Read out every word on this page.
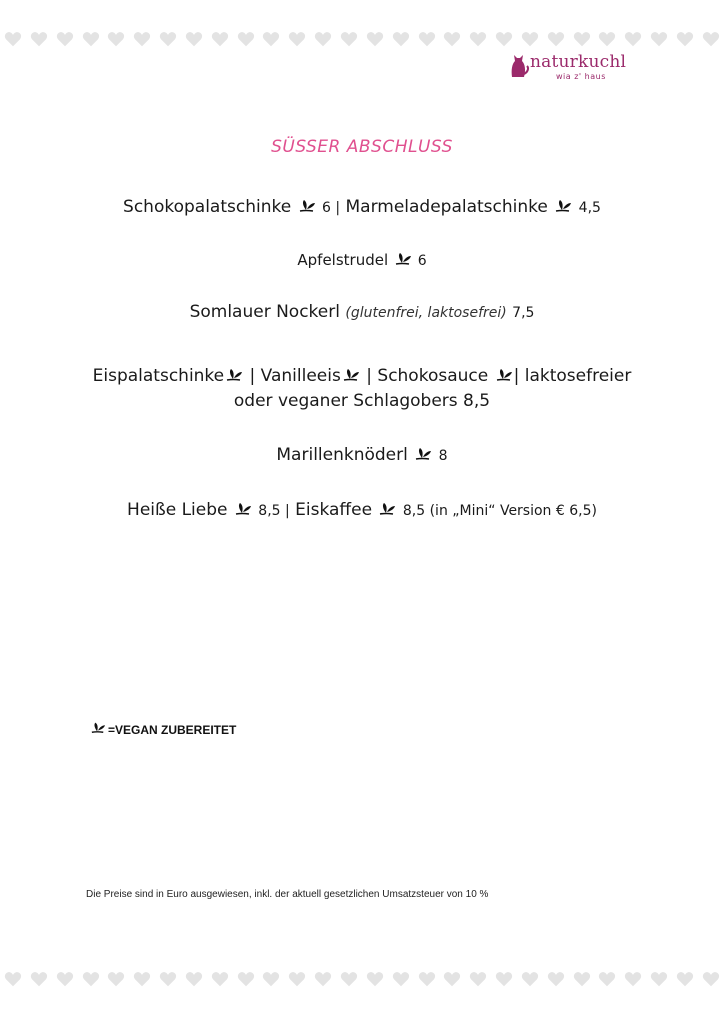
naturkuchl
wia z' haus
SÜSSER ABSCHLUSS
Schokopalatschinke 6 | Marmeladepalatschinke 4,5
Apfelstrudel 6
Somlauer Nockerl (glutenfrei, laktosefrei) 7,5
Eispalatschinke | Vanilleeis | Schokosauce | laktosefreier
oder veganer Schlagobers 8,5
Marillenknöderl 8
Heiße Liebe 8,5 | Eiskaffee 8,5 (in „Mini“ Version € 6,5)
=VEGAN ZUBEREITET
Die Preise sind in Euro ausgewiesen, inkl. der aktuell gesetzlichen Umsatzsteuer von 10 %
